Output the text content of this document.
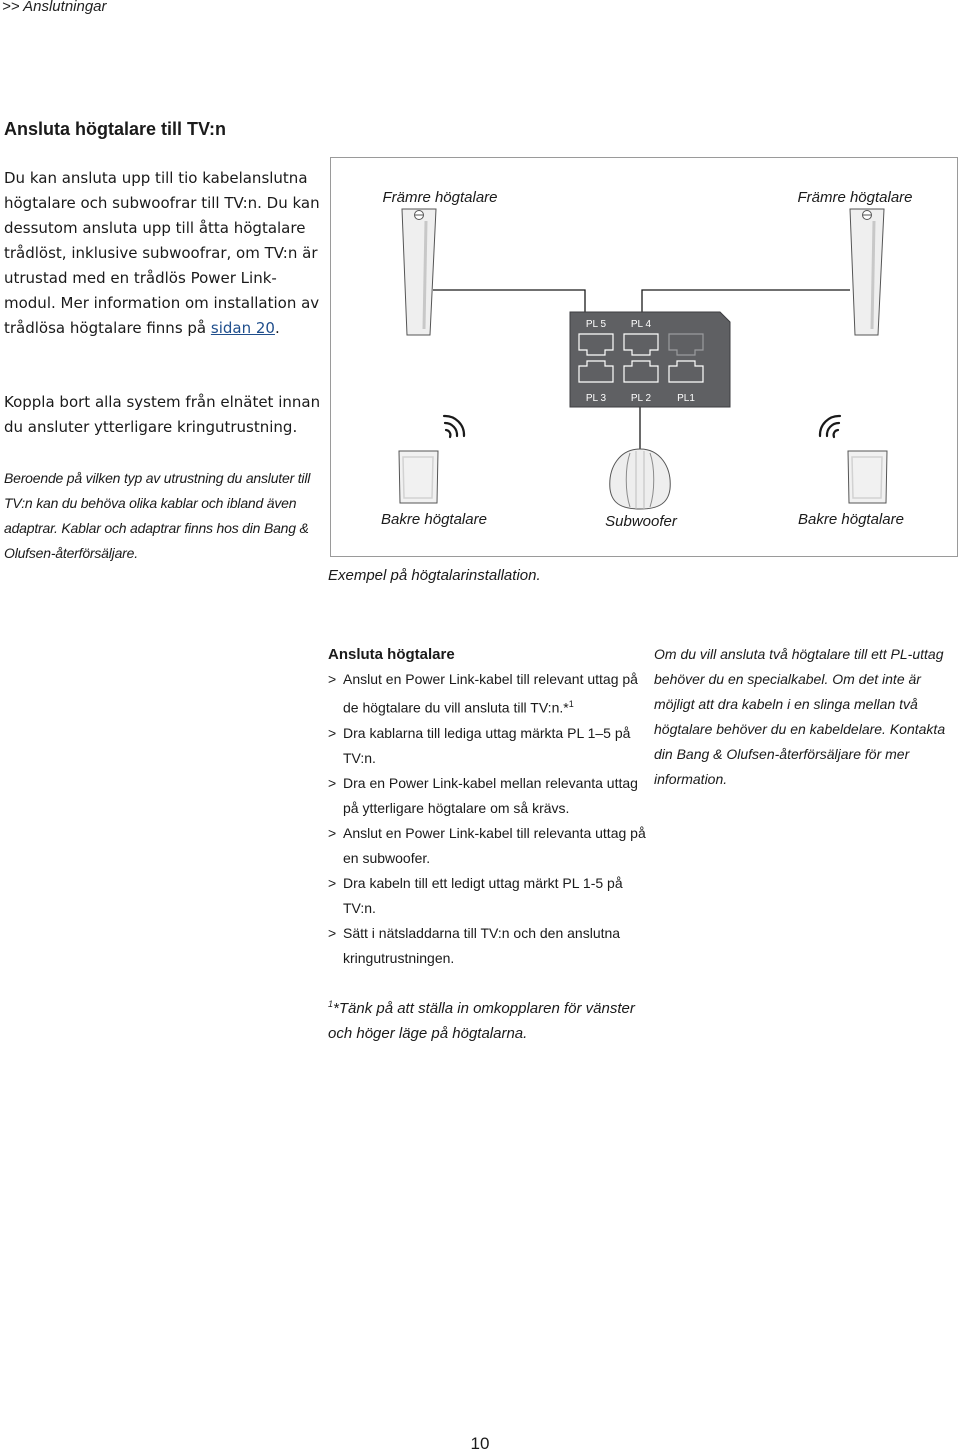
>> Anslutningar
Ansluta högtalare till TV:n
Du kan ansluta upp till tio kabelanslutna högtalare och subwoofrar till TV:n. Du kan dessutom ansluta upp till åtta högtalare trådlöst, inklusive subwoofrar, om TV:n är utrustad med en trådlös Power Link-modul. Mer information om installation av trådlösa högtalare finns på sidan 20.
Koppla bort alla system från elnätet innan du ansluter ytterligare kringutrustning.
Beroende på vilken typ av utrustning du ansluter till TV:n kan du behöva olika kablar och ibland även adaptrar. Kablar och adaptrar finns hos din Bang & Olufsen-återförsäljare.
PL 5 PL 4
PL 3 PL 2	PL1
Främre högtalare	Främre högtalare
Bakre högtalare	Subwoofer	Bakre högtalare
Exempel på högtalarinstallation.
Ansluta högtalare
> Anslut en Power Link-kabel till relevant uttag på de högtalare du vill ansluta till TV:n.*$^1$
> Dra kablarna till lediga uttag märkta PL 1–5 på TV:n.
> Dra en Power Link-kabel mellan relevanta uttag på ytterligare högtalare om så krävs.
> Anslut en Power Link-kabel till relevanta uttag på en subwoofer.
> Dra kabeln till ett ledigt uttag märkt PL 1-5 på TV:n.
> Sätt i nätsladdarna till TV:n och den anslutna kringutrustningen.
Om du vill ansluta två högtalare till ett PL-uttag behöver du en specialkabel. Om det inte är möjligt att dra kabeln i en slinga mellan två högtalare behöver du en kabeldelare. Kontakta din Bang & Olufsen-återförsäljare för mer information.
$^1$*Tänk på att ställa in omkopplaren för vänster och höger läge på högtalarna.
10
